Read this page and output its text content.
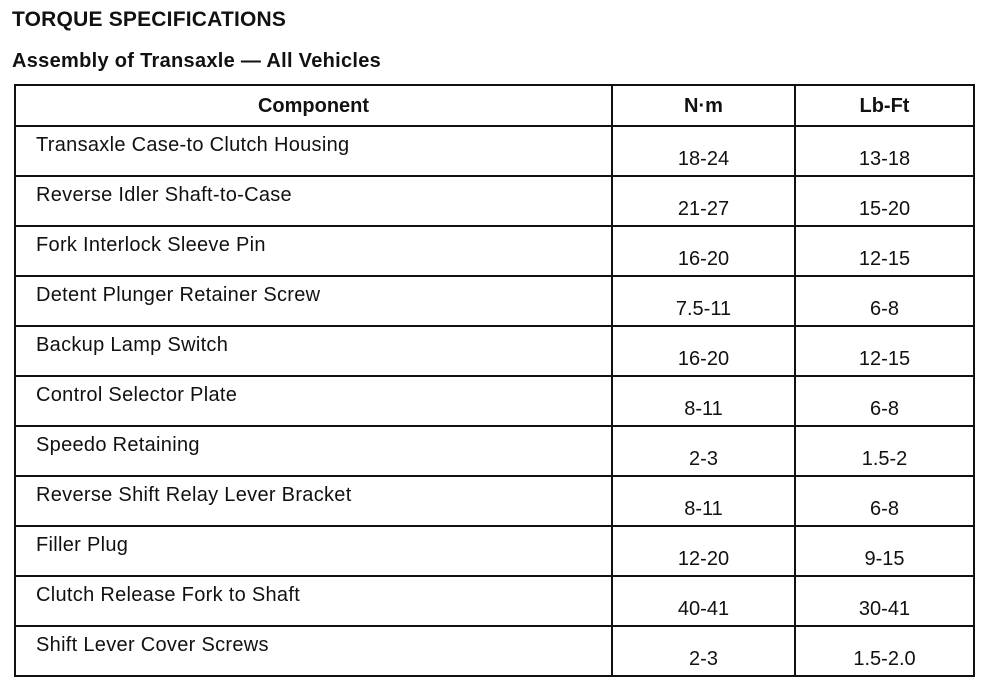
TORQUE SPECIFICATIONS
Assembly of Transaxle — All Vehicles
Component	N·m	Lb-Ft
Transaxle Case-to Clutch Housing	18-24	13-18
Reverse Idler Shaft-to-Case	21-27	15-20
Fork Interlock Sleeve Pin	16-20	12-15
Detent Plunger Retainer Screw	7.5-11	6-8
Backup Lamp Switch	16-20	12-15
Control Selector Plate	8-11	6-8
Speedo Retaining	2-3	1.5-2
Reverse Shift Relay Lever Bracket	8-11	6-8
Filler Plug	12-20	9-15
Clutch Release Fork to Shaft	40-41	30-41
Shift Lever Cover Screws	2-3	1.5-2.0
